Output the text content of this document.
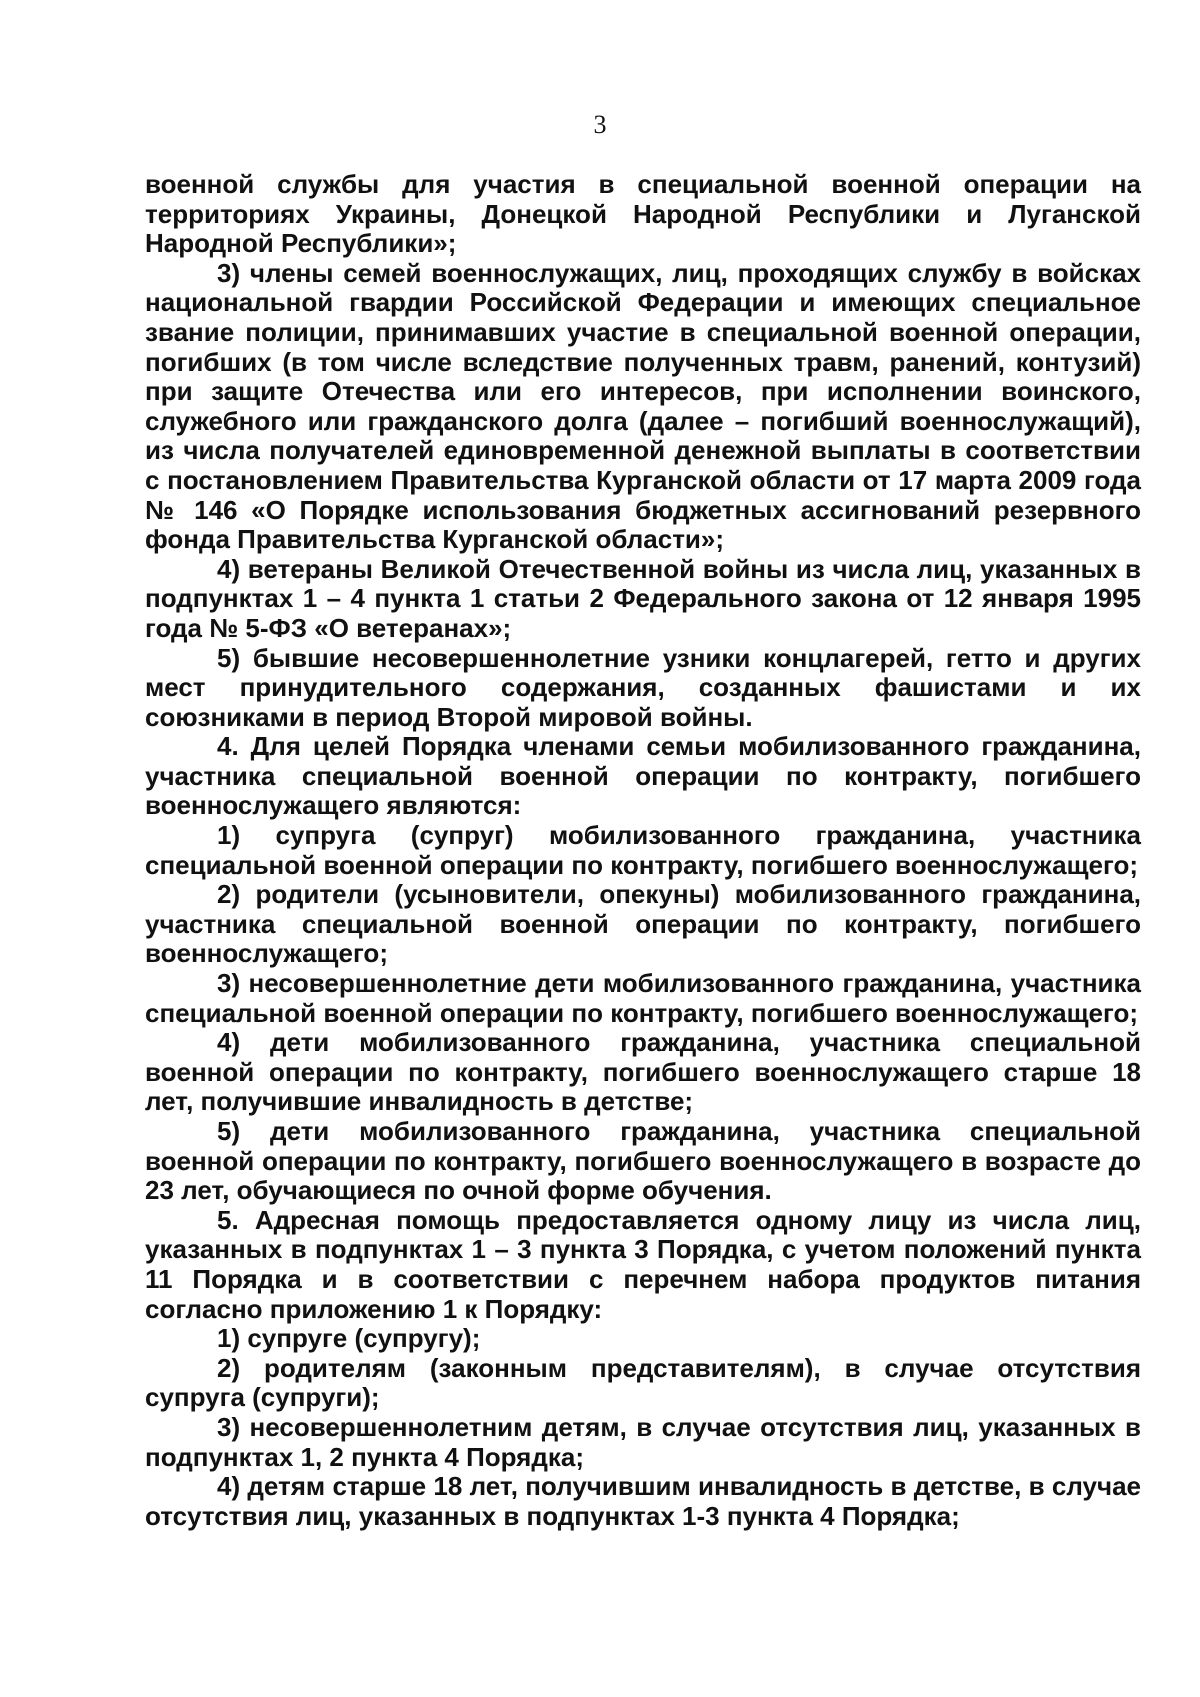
3

военной службы для участия в специальной военной операции на территориях Украины, Донецкой Народной Республики и Луганской Народной Республики»;

3) члены семей военнослужащих, лиц, проходящих службу в войсках национальной гвардии Российской Федерации и имеющих специальное звание полиции, принимавших участие в специальной военной операции, погибших (в том числе вследствие полученных травм, ранений, контузий) при защите Отечества или его интересов, при исполнении воинского, служебного или гражданского долга (далее – погибший военнослужащий), из числа получателей единовременной денежной выплаты в соответствии с постановлением Правительства Курганской области от 17 марта 2009 года № 146 «О Порядке использования бюджетных ассигнований резервного фонда Правительства Курганской области»;

4) ветераны Великой Отечественной войны из числа лиц, указанных в подпунктах 1 – 4 пункта 1 статьи 2 Федерального закона от 12 января 1995 года № 5-ФЗ «О ветеранах»;

5) бывшие несовершеннолетние узники концлагерей, гетто и других мест принудительного содержания, созданных фашистами и их союзниками в период Второй мировой войны.

4. Для целей Порядка членами семьи мобилизованного гражданина, участника специальной военной операции по контракту, погибшего военнослужащего являются:

1) супруга (супруг) мобилизованного гражданина, участника специальной военной операции по контракту, погибшего военнослужащего;

2) родители (усыновители, опекуны) мобилизованного гражданина, участника специальной военной операции по контракту, погибшего военнослужащего;

3) несовершеннолетние дети мобилизованного гражданина, участника специальной военной операции по контракту, погибшего военнослужащего;

4) дети мобилизованного гражданина, участника специальной военной операции по контракту, погибшего военнослужащего старше 18 лет, получившие инвалидность в детстве;

5) дети мобилизованного гражданина, участника специальной военной операции по контракту, погибшего военнослужащего в возрасте до 23 лет, обучающиеся по очной форме обучения.

5. Адресная помощь предоставляется одному лицу из числа лиц, указанных в подпунктах 1 – 3 пункта 3 Порядка, с учетом положений пункта 11 Порядка и в соответствии с перечнем набора продуктов питания согласно приложению 1 к Порядку:

1) супруге (супругу);

2) родителям (законным представителям), в случае отсутствия супруга (супруги);

3) несовершеннолетним детям, в случае отсутствия лиц, указанных в подпунктах 1, 2 пункта 4 Порядка;

4) детям старше 18 лет, получившим инвалидность в детстве, в случае отсутствия лиц, указанных в подпунктах 1-3 пункта 4 Порядка;
